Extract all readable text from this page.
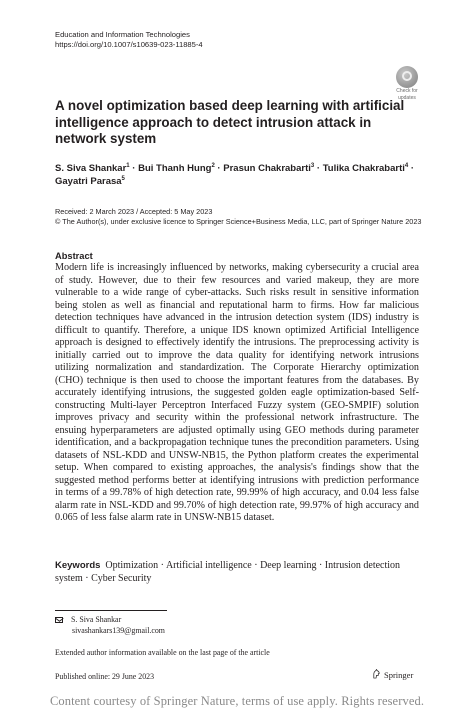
Education and Information Technologies
https://doi.org/10.1007/s10639-023-11885-4
Check for
updates
A novel optimization based deep learning with artificial intelligence approach to detect intrusion attack in network system
S. Siva Shankar$^1$ · Bui Thanh Hung$^2$ · Prasun Chakrabarti$^3$ · Tulika Chakrabarti$^4$ ·
Gayatri Parasa$^5$
Received: 2 March 2023 / Accepted: 5 May 2023
© The Author(s), under exclusive licence to Springer Science+Business Media, LLC, part of Springer Nature 2023
Abstract
Modern life is increasingly influenced by networks, making cybersecurity a crucial area of study. However, due to their few resources and varied makeup, they are more vulnerable to a wide range of cyber-attacks. Such risks result in sensitive information being stolen as well as financial and reputational harm to firms. How far malicious detection techniques have advanced in the intrusion detection system (IDS) industry is difficult to quantify. Therefore, a unique IDS known optimized Artificial Intelligence approach is designed to effectively identify the intrusions. The preprocessing activity is initially carried out to improve the data quality for identifying network intrusions utilizing normalization and standardization. The Corporate Hierarchy optimization (CHO) technique is then used to choose the important features from the databases. By accurately identifying intrusions, the suggested golden eagle optimization-based Self-constructing Multi-layer Perceptron Interfaced Fuzzy system (GEO-SMPIF) solution improves privacy and security within the professional network infrastructure. The ensuing hyperparameters are adjusted optimally using GEO methods during parameter identification, and a backpropagation technique tunes the precondition parameters. Using datasets of NSL-KDD and UNSW-NB15, the Python platform creates the experimental setup. When compared to existing approaches, the analysis's findings show that the suggested method performs better at identifying intrusions with prediction performance in terms of a 99.78% of high detection rate, 99.99% of high accuracy, and 0.04 less false alarm rate in NSL-KDD and 99.70% of high detection rate, 99.97% of high accuracy and 0.065 of less false alarm rate in UNSW-NB15 dataset.
Keywords Optimization · Artificial intelligence · Deep learning · Intrusion detection system · Cyber Security
S. Siva Shankar
sivashankars139@gmail.com
Extended author information available on the last page of the article
Published online: 29 June 2023	Springer
Content courtesy of Springer Nature, terms of use apply. Rights reserved.
